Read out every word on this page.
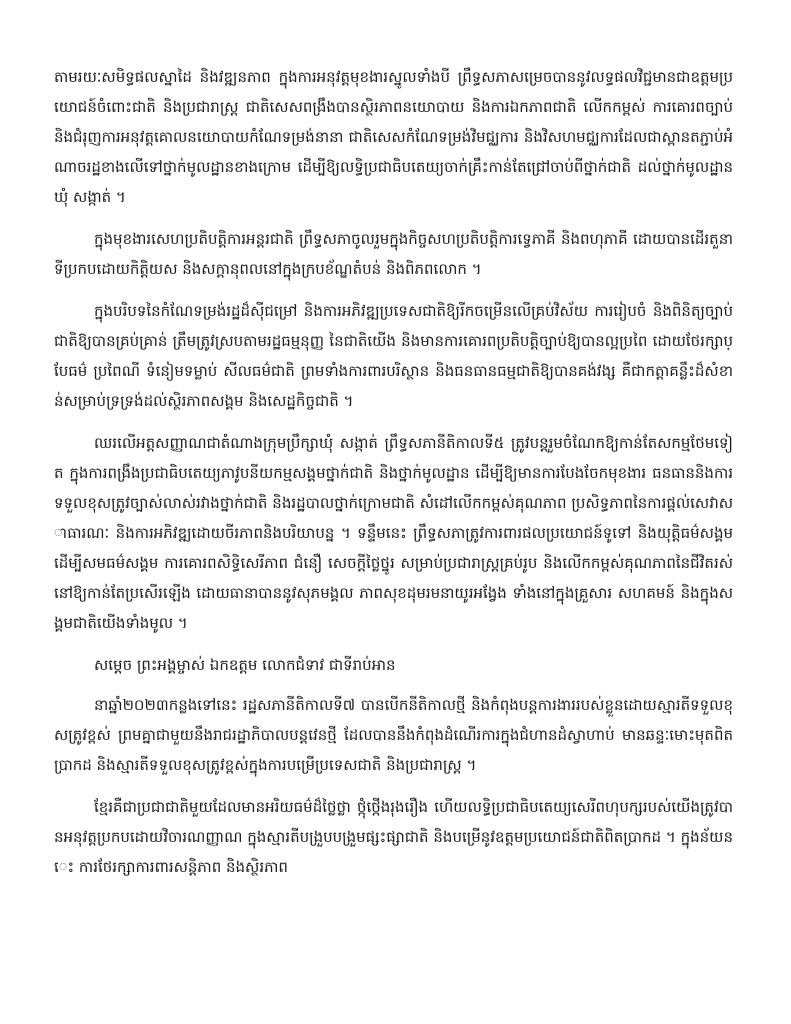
តាមរយៈសមិទ្ធផលស្នាដៃ និងវឌ្ឍនភាព ក្នុងការអនុវត្តមុខងារស្នូលទាំងបី ព្រឹទ្ធសភាសម្រេចបាននូវលទ្ធផលវិជ្ជមានជាឧត្តមប្រយោជន៍ចំពោះជាតិ និងប្រជារាស្ត្រ ជាតិសេសពង្រឹងបានស្ថិរភាពនយោបាយ និងការឯកភាពជាតិ លើកកម្ពស់ ការគោរពច្បាប់ និងជំរុញការអនុវត្តគោលនយោបាយកំណែទម្រង់នានា ជាតិសេសកំណែទម្រង់វិមជ្ឈការ និងវិសហមជ្ឈការដែលជាស្ពានតភ្ជាប់អំណាចរដ្ឋខាងលើទៅថ្នាក់មូលដ្ឋានខាងក្រោម ដើម្បីឱ្យលទ្ធិប្រជាធិបតេយ្យចាក់គ្រឹះកាន់តែជ្រៅចាប់ពីថ្នាក់ជាតិ ដល់ថ្នាក់មូលដ្ឋានឃុំ សង្កាត់ ។

ក្នុងមុខងារសេហប្រតិបត្តិការអន្តរជាតិ ព្រឹទ្ធសភាចូលរួមក្នុងកិច្ចសហប្រតិបត្តិការទ្វេភាគី និងពហុភាគី ដោយបានដើរតួនាទីប្រកបដោយកិត្តិយស និងសក្តានុពលនៅក្នុងក្របខ័ណ្ឌតំបន់ និងពិភពលោក ។

ក្នុងបរិបទនៃកំណែទម្រង់រដ្ឋដ៏ស៊ីជម្រៅ និងការអភិវឌ្ឍប្រទេសជាតិឱ្យរីកចម្រើនលើគ្រប់វិស័យ ការរៀបចំ និងពិនិត្យច្បាប់ជាតិឱ្យបានគ្រប់គ្រាន់ ត្រឹមត្រូវស្របតាមរដ្ឋធម្មនុញ្ញ នៃជាតិយើង និងមានការគោរពប្រតិបត្តិច្បាប់ឱ្យបានល្អប្រពៃ ដោយថែរក្សាប្បែធម៌ ប្រពៃណី ទំនៀមទម្លាប់ សីលធម៌ជាតិ ព្រមទាំងការពារបរិស្ថាន និងធនធានធម្មជាតិឱ្យបានគង់វង្ស គឺជាកត្តាគន្លឹះដ៏សំខាន់សម្រាប់ទ្រទ្រង់ដល់ស្ថិរភាពសង្គម និងសេដ្ឋកិច្ចជាតិ ។

ឈរលើអត្តសញ្ញាណជាតំណាងក្រុមប្រឹក្សាឃុំ សង្កាត់ ព្រឹទ្ធសភានីតិកាលទី៥ ត្រូវបន្តរួមចំណែកឱ្យកាន់តែសកម្មថែមទៀត ក្នុងការពង្រឹងប្រជាធិបតេយ្យភាវូបនីយកម្មសង្គមថ្នាក់ជាតិ និងថ្នាក់មូលដ្ឋាន ដើម្បីឱ្យមានការបែងចែកមុខងារ ធនធាននិងការទទួលខុសត្រូវច្បាស់លាស់រវាងថ្នាក់ជាតិ និងរដ្ឋបាលថ្នាក់ក្រោមជាតិ សំដៅលើកកម្ពស់គុណភាព ប្រសិទ្ធភាពនៃការផ្តល់សេវាសាធារណៈ និងការអភិវឌ្ឍដោយចីរភាពនិងបរិយាបន្ន ។ ទន្ទឹមនេះ ព្រឹទ្ធសភាត្រូវការពារផលប្រយោជន៍ទូទៅ និងយុត្តិធម៌សង្គម ដើម្បីសមធម៌សង្គម ការគោរពសិទ្ធិសេរីភាព ជំនឿ សេចក្តីថ្លៃថ្នូរ សម្រាប់ប្រជារាស្ត្រគ្រប់រូប និងលើកកម្ពស់គុណភាពនៃជីវិតរស់នៅឱ្យកាន់តែប្រសើរឡើង ដោយធានាបាននូវសុភមង្គល ភាពសុខដុមរមនាយូរអង្វែង ទាំងនៅក្នុងគ្រួសារ សហគមន៍ និងក្នុងសង្គមជាតិយើងទាំងមូល ។

សម្តេច ព្រះអង្គម្ចាស់ ឯកឧត្តម លោកជំទាវ ជាទីរាប់អាន

នាឆ្នាំ២០២៣កន្លងទៅនេះ រដ្ឋសភានីតិកាលទី៧ បានបើកនីតិកាលថ្មី និងកំពុងបន្តការងាររបស់ខ្លួនដោយស្មារតីទទួលខុសត្រូវខ្ពស់ ព្រមគ្នាជាមួយនឹងរាជរដ្ឋាភិបាលបន្តវេនថ្មី ដែលបាននឹងកំពុងដំណើរការក្នុងជំហានដំស្វាហាប់ មានឆន្ទៈមោះមុតពិតប្រាកដ និងស្មារតីទទួលខុសត្រូវខ្ពស់ក្នុងការបម្រើប្រទេសជាតិ និងប្រជារាស្ត្រ ។

ខ្មែរគឺជាប្រជាជាតិមួយដែលមានអរិយធម៌ដ៏ថ្លៃថ្លា ថ្កុំថ្កើងរុងរឿង ហើយលទ្ធិប្រជាធិបតេយ្យសេរីពហុបក្សរបស់យើងត្រូវបានអនុវត្តប្រកបដោយវិចារណញ្ញាណ ក្នុងស្មារតីបង្រួបបង្រួមផ្សះផ្សាជាតិ និងបម្រើនូវឧត្តមប្រយោជន៍ជាតិពិតប្រាកដ ។ ក្នុងន័យនេះ ការថែរក្សាការពារសន្តិភាព និងស្ថិរភាព
